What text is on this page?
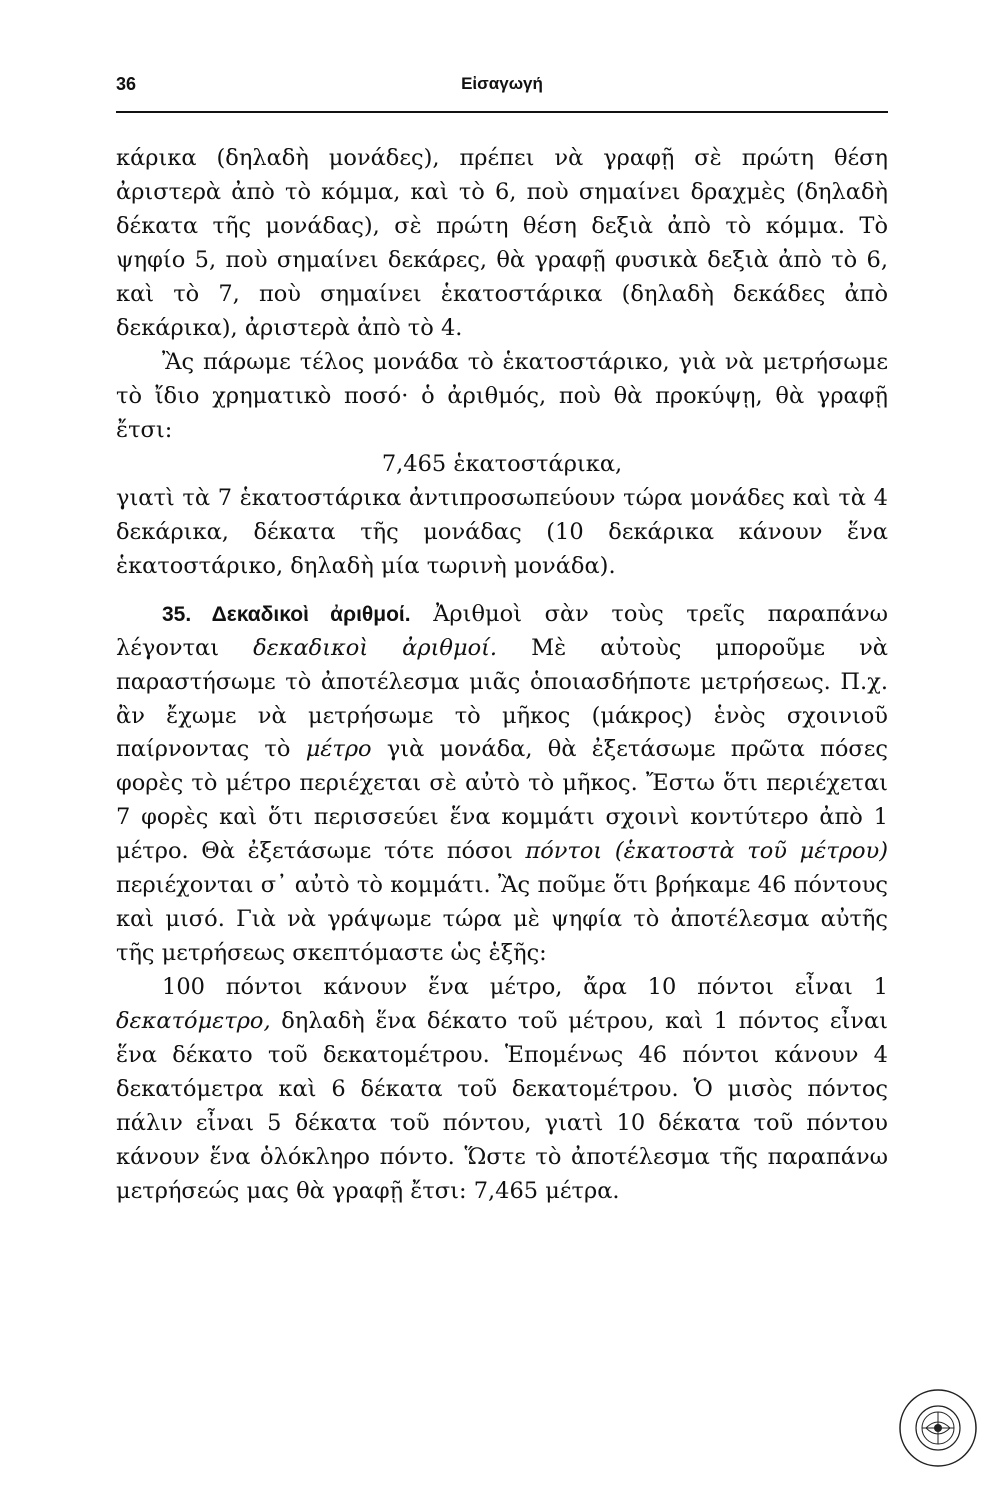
36	Εἰσαγωγή

κάρικα (δηλαδὴ μονάδες), πρέπει νὰ γραφῇ σὲ πρώτη θέση ἀριστερὰ ἀπὸ τὸ κόμμα, καὶ τὸ 6, ποὺ σημαίνει δραχμὲς (δηλαδὴ δέκατα τῆς μονάδας), σὲ πρώτη θέση δεξιὰ ἀπὸ τὸ κόμμα. Τὸ ψηφίο 5, ποὺ σημαίνει δεκάρες, θὰ γραφῇ φυσικὰ δεξιὰ ἀπὸ τὸ 6, καὶ τὸ 7, ποὺ σημαίνει ἑκατοστάρικα (δηλαδὴ δεκάδες ἀπὸ δεκάρικα), ἀριστερὰ ἀπὸ τὸ 4.

Ἂς πάρωμε τέλος μονάδα τὸ ἑκατοστάρικο, γιὰ νὰ μετρήσωμε τὸ ἴδιο χρηματικὸ ποσό· ὁ ἀριθμός, ποὺ θὰ προκύψῃ, θὰ γραφῇ ἔτσι:

7,465 ἑκατοστάρικα,

γιατὶ τὰ 7 ἑκατοστάρικα ἀντιπροσωπεύουν τώρα μονάδες καὶ τὰ 4 δεκάρικα, δέκατα τῆς μονάδας (10 δεκάρικα κάνουν ἕνα ἑκατοστάρικο, δηλαδὴ μία τωρινὴ μονάδα).

35. Δεκαδικοὶ ἀριθμοί. Ἀριθμοὶ σὰν τοὺς τρεῖς παραπάνω λέγονται δεκαδικοὶ ἀριθμοί. Μὲ αὐτοὺς μποροῦμε νὰ παραστήσωμε τὸ ἀποτέλεσμα μιᾶς ὁποιασδήποτε μετρήσεως. Π.χ. ἂν ἔχωμε νὰ μετρήσωμε τὸ μῆκος (μάκρος) ἑνὸς σχοινιοῦ παίρνοντας τὸ μέτρο γιὰ μονάδα, θὰ ἐξετάσωμε πρῶτα πόσες φορὲς τὸ μέτρο περιέχεται σὲ αὐτὸ τὸ μῆκος. Ἔστω ὅτι περιέχεται 7 φορὲς καὶ ὅτι περισσεύει ἕνα κομμάτι σχοινὶ κοντύτερο ἀπὸ 1 μέτρο. Θὰ ἐξετάσωμε τότε πόσοι πόντοι (ἑκατοστὰ τοῦ μέτρου) περιέχονται σ᾿ αὐτὸ τὸ κομμάτι. Ἂς ποῦμε ὅτι βρήκαμε 46 πόντους καὶ μισό. Γιὰ νὰ γράψωμε τώρα μὲ ψηφία τὸ ἀποτέλεσμα αὐτῆς τῆς μετρήσεως σκεπτόμαστε ὡς ἑξῆς:

100 πόντοι κάνουν ἕνα μέτρο, ἄρα 10 πόντοι εἶναι 1 δεκατόμετρο, δηλαδὴ ἕνα δέκατο τοῦ μέτρου, καὶ 1 πόντος εἶναι ἕνα δέκατο τοῦ δεκατομέτρου. Ἑπομένως 46 πόντοι κάνουν 4 δεκατόμετρα καὶ 6 δέκατα τοῦ δεκατομέτρου. Ὁ μισὸς πόντος πάλιν εἶναι 5 δέκατα τοῦ πόντου, γιατὶ 10 δέκατα τοῦ πόντου κάνουν ἕνα ὁλόκληρο πόντο. Ὥστε τὸ ἀποτέλεσμα τῆς παραπάνω μετρήσεώς μας θὰ γραφῇ ἔτσι: 7,465 μέτρα.
